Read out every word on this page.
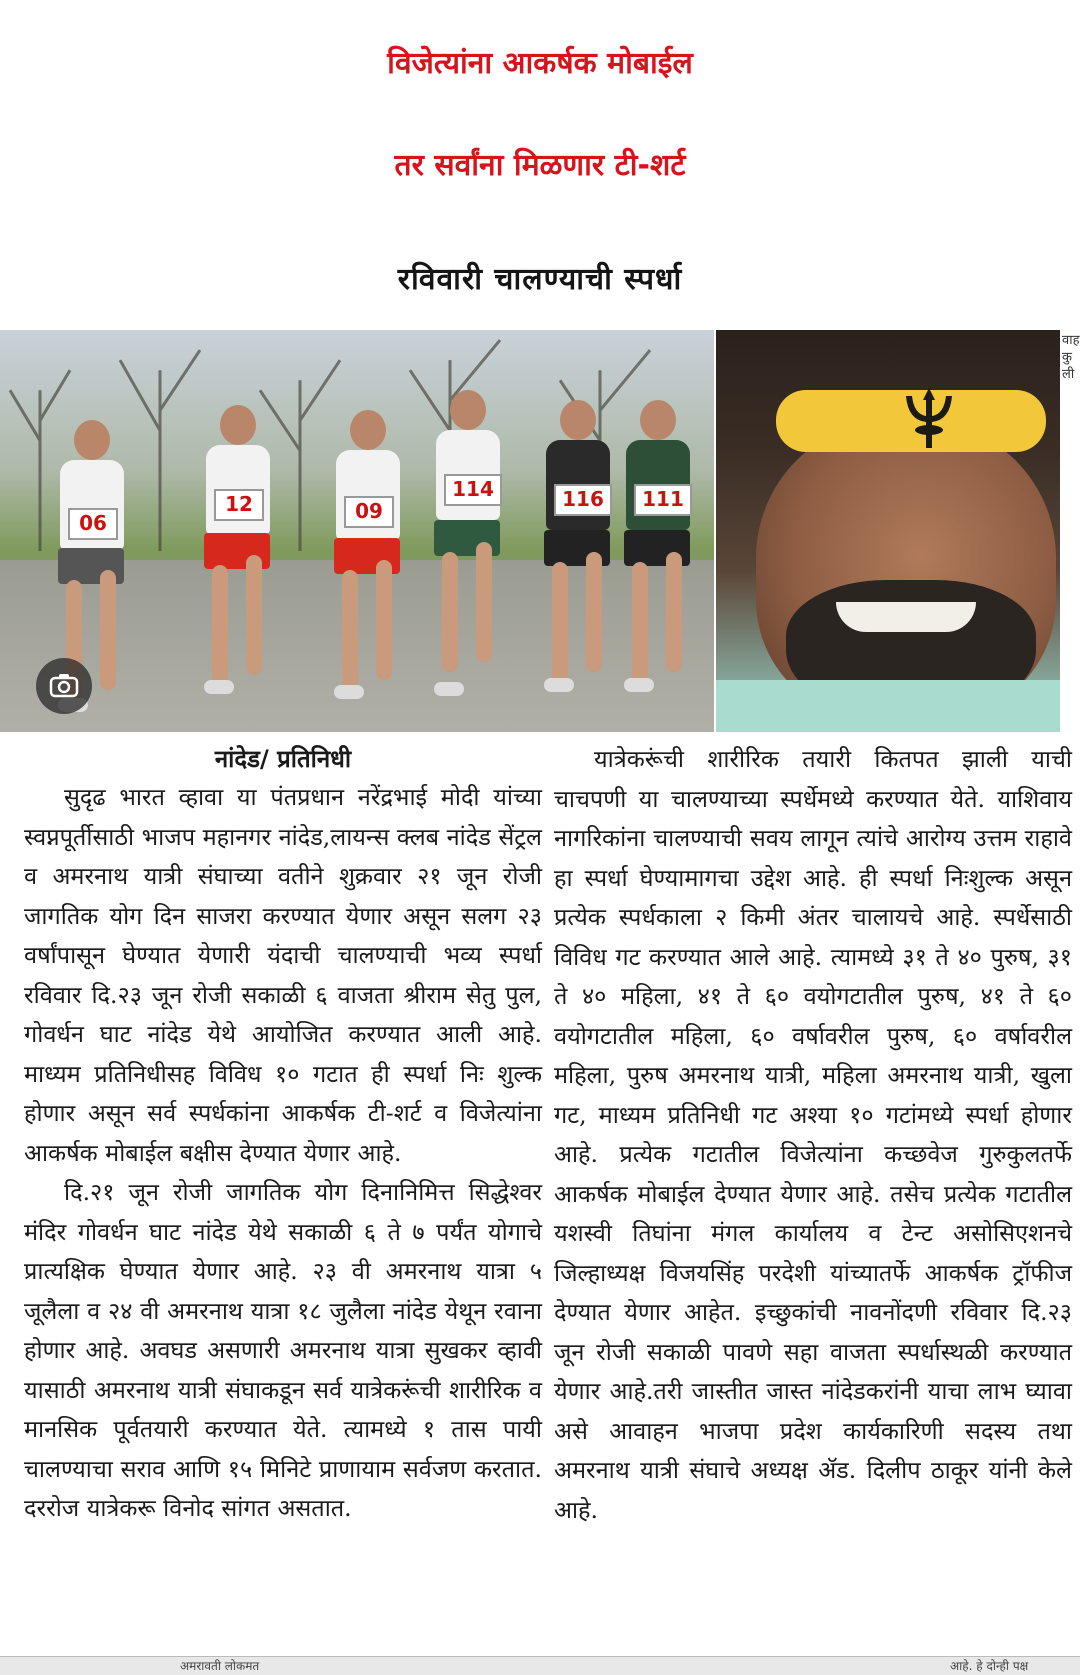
विजेत्यांना आकर्षक मोबाईल
तर सर्वांना मिळणार टी-शर्ट
रविवारी चालण्याची स्पर्धा
06
12	09
114	116	111
वाह कु ली
नांदेड/ प्रतिनिधी

सुदृढ भारत व्हावा या पंतप्रधान नरेंद्रभाई मोदी यांच्या स्वप्नपूर्तीसाठी भाजप महानगर नांदेड,लायन्स क्लब नांदेड सेंट्रल व अमरनाथ यात्री संघाच्या वतीने शुक्रवार २१ जून रोजी जागतिक योग दिन साजरा करण्यात येणार असून सलग २३ वर्षांपासून घेण्यात येणारी यंदाची चालण्याची भव्य स्पर्धा रविवार दि.२३ जून रोजी सकाळी ६ वाजता श्रीराम सेतु पुल, गोवर्धन घाट नांदेड येथे आयोजित करण्यात आली आहे. माध्यम प्रतिनिधीसह विविध १० गटात ही स्पर्धा निः शुल्क होणार असून सर्व स्पर्धकांना आकर्षक टी-शर्ट व विजेत्यांना आकर्षक मोबाईल बक्षीस देण्यात येणार आहे.

दि.२१ जून रोजी जागतिक योग दिनानिमित्त सिद्धेश्वर मंदिर गोवर्धन घाट नांदेड येथे सकाळी ६ ते ७ पर्यंत योगाचे प्रात्यक्षिक घेण्यात येणार आहे. २३ वी अमरनाथ यात्रा ५ जूलैला व २४ वी अमरनाथ यात्रा १८ जुलैला नांदेड येथून रवाना होणार आहे. अवघड असणारी अमरनाथ यात्रा सुखकर व्हावी यासाठी अमरनाथ यात्री संघाकडून सर्व यात्रेकरूंची शारीरिक व मानसिक पूर्वतयारी करण्यात येते. त्यामध्ये १ तास पायी चालण्याचा सराव आणि १५ मिनिटे प्राणायाम सर्वजण करतात. दररोज यात्रेकरू विनोद सांगत असतात.

यात्रेकरूंची शारीरिक तयारी कितपत झाली याची चाचपणी या चालण्याच्या स्पर्धेमध्ये करण्यात येते. याशिवाय नागरिकांना चालण्याची सवय लागून त्यांचे आरोग्य उत्तम राहावे हा स्पर्धा घेण्यामागचा उद्देश आहे. ही स्पर्धा निःशुल्क असून प्रत्येक स्पर्धकाला २ किमी अंतर चालायचे आहे. स्पर्धेसाठी विविध गट करण्यात आले आहे. त्यामध्ये ३१ ते ४० पुरुष, ३१ ते ४० महिला, ४१ ते ६० वयोगटातील पुरुष, ४१ ते ६० वयोगटातील महिला, ६० वर्षावरील पुरुष, ६० वर्षावरील महिला, पुरुष अमरनाथ यात्री, महिला अमरनाथ यात्री, खुला गट, माध्यम प्रतिनिधी गट अश्या १० गटांमध्ये स्पर्धा होणार आहे. प्रत्येक गटातील विजेत्यांना कच्छवेज गुरुकुलतर्फे आकर्षक मोबाईल देण्यात येणार आहे. तसेच प्रत्येक गटातील यशस्वी तिघांना मंगल कार्यालय व टेन्ट असोसिएशनचे जिल्हाध्यक्ष विजयसिंह परदेशी यांच्यातर्फे आकर्षक ट्रॉफीज देण्यात येणार आहेत. इच्छुकांची नावनोंदणी रविवार दि.२३ जून रोजी सकाळी पावणे सहा वाजता स्पर्धास्थळी करण्यात येणार आहे.तरी जास्तीत जास्त नांदेडकरांनी याचा लाभ घ्यावा असे आवाहन भाजपा प्रदेश कार्यकारिणी सदस्य तथा अमरनाथ यात्री संघाचे अध्यक्ष ॲड. दिलीप ठाकूर यांनी केले आहे.

अमरावती लोकमत	आहे. हे दोन्ही पक्ष
